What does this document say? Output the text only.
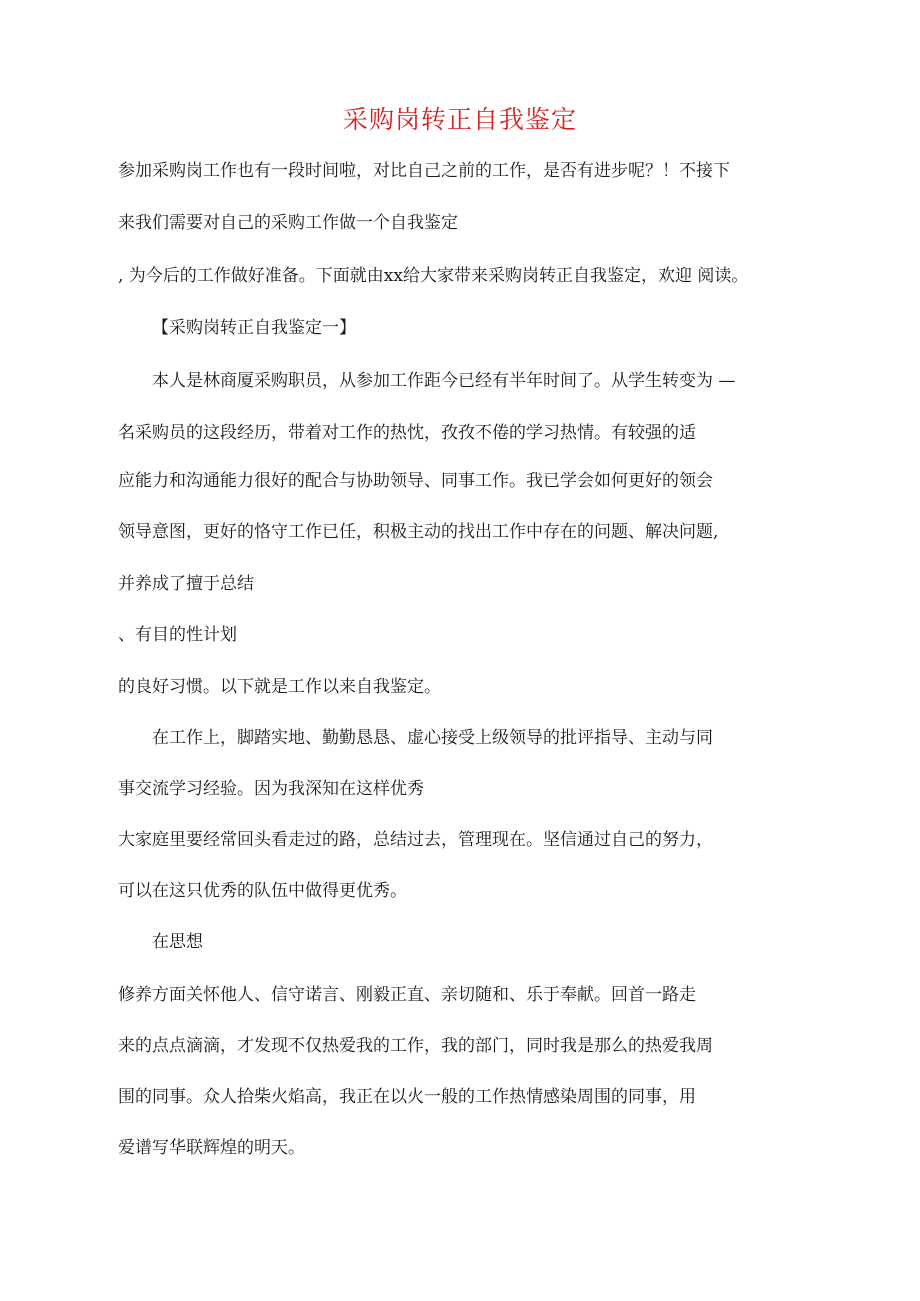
采购岗转正自我鉴定
参加采购岗工作也有一段时间啦，对比自己之前的工作，是否有进步呢？！不接下
来我们需要对自己的采购工作做一个自我鉴定
, 为今后的工作做好准备。下面就由xx给大家带来采购岗转正自我鉴定，欢迎 阅读。
【采购岗转正自我鉴定一】
本人是林商厦采购职员，从参加工作距今已经有半年时间了。从学生转变为 —
名采购员的这段经历，带着对工作的热忱，孜孜不倦的学习热情。有较强的适
应能力和沟通能力很好的配合与协助领导、同事工作。我已学会如何更好的领会
领导意图，更好的恪守工作已任，积极主动的找出工作中存在的问题、解决问题,
并养成了擅于总结
、有目的性计划
的良好习惯。以下就是工作以来自我鉴定。
在工作上，脚踏实地、勤勤恳恳、虚心接受上级领导的批评指导、主动与同
事交流学习经验。因为我深知在这样优秀
大家庭里要经常回头看走过的路，总结过去，管理现在。坚信通过自己的努力，
可以在这只优秀的队伍中做得更优秀。
在思想
修养方面关怀他人、信守诺言、刚毅正直、亲切随和、乐于奉献。回首一路走
来的点点滴滴，才发现不仅热爱我的工作，我的部门，同时我是那么的热爱我周
围的同事。众人拾柴火焰高，我正在以火一般的工作热情感染周围的同事，用
爱谱写华联辉煌的明天。
